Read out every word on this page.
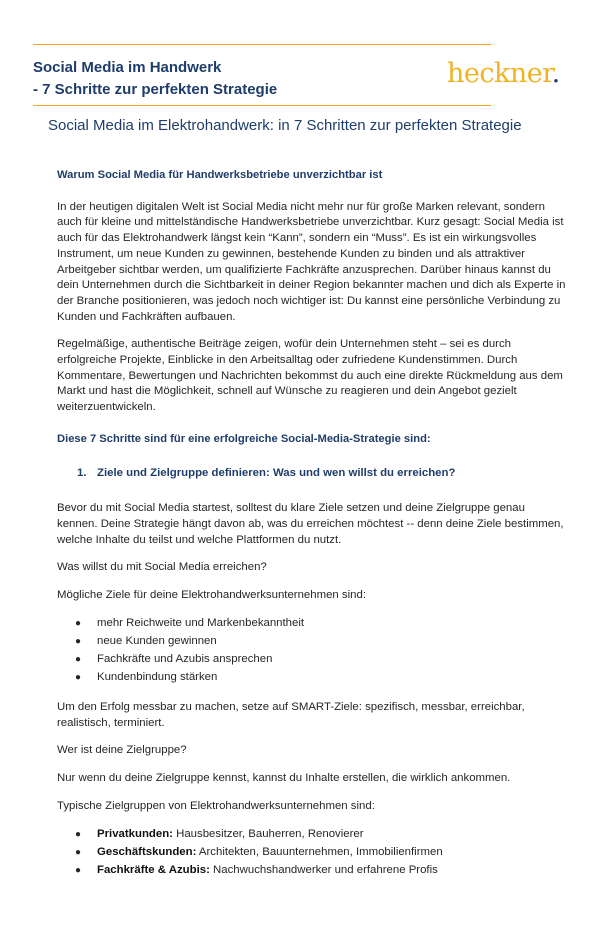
Social Media im Handwerk
- 7 Schritte zur perfekten Strategie
heckner.
Social Media im Elektrohandwerk: in 7 Schritten zur perfekten Strategie
Warum Social Media für Handwerksbetriebe unverzichtbar ist

In der heutigen digitalen Welt ist Social Media nicht mehr nur für große Marken relevant, sondern auch für kleine und mittelständische Handwerksbetriebe unverzichtbar. Kurz gesagt: Social Media ist auch für das Elektrohandwerk längst kein “Kann”, sondern ein “Muss”. Es ist ein wirkungsvolles Instrument, um neue Kunden zu gewinnen, bestehende Kunden zu binden und als attraktiver Arbeitgeber sichtbar werden, um qualifizierte Fachkräfte anzusprechen. Darüber hinaus kannst du dein Unternehmen durch die Sichtbarkeit in deiner Region bekannter machen und dich als Experte in der Branche positionieren, was jedoch noch wichtiger ist: Du kannst eine persönliche Verbindung zu Kunden und Fachkräften aufbauen.

Regelmäßige, authentische Beiträge zeigen, wofür dein Unternehmen steht – sei es durch erfolgreiche Projekte, Einblicke in den Arbeitsalltag oder zufriedene Kundenstimmen. Durch Kommentare, Bewertungen und Nachrichten bekommst du auch eine direkte Rückmeldung aus dem Markt und hast die Möglichkeit, schnell auf Wünsche zu reagieren und dein Angebot gezielt weiterzuentwickeln.

Diese 7 Schritte sind für eine erfolgreiche Social-Media-Strategie sind:
1. Ziele und Zielgruppe definieren: Was und wen willst du erreichen?

Bevor du mit Social Media startest, solltest du klare Ziele setzen und deine Zielgruppe genau kennen. Deine Strategie hängt davon ab, was du erreichen möchtest -- denn deine Ziele bestimmen, welche Inhalte du teilst und welche Plattformen du nutzt.

Was willst du mit Social Media erreichen?

Mögliche Ziele für deine Elektrohandwerksunternehmen sind:

●	mehr Reichweite und Markenbekanntheit
●	neue Kunden gewinnen
●	Fachkräfte und Azubis ansprechen
●	Kundenbindung stärken

Um den Erfolg messbar zu machen, setze auf SMART-Ziele: spezifisch, messbar, erreichbar, realistisch, terminiert.

Wer ist deine Zielgruppe?

Nur wenn du deine Zielgruppe kennst, kannst du Inhalte erstellen, die wirklich ankommen.

Typische Zielgruppen von Elektrohandwerksunternehmen sind:

●	Privatkunden: Hausbesitzer, Bauherren, Renovierer
●	Geschäftskunden: Architekten, Bauunternehmen, Immobilienfirmen
●	Fachkräfte & Azubis: Nachwuchshandwerker und erfahrene Profis
